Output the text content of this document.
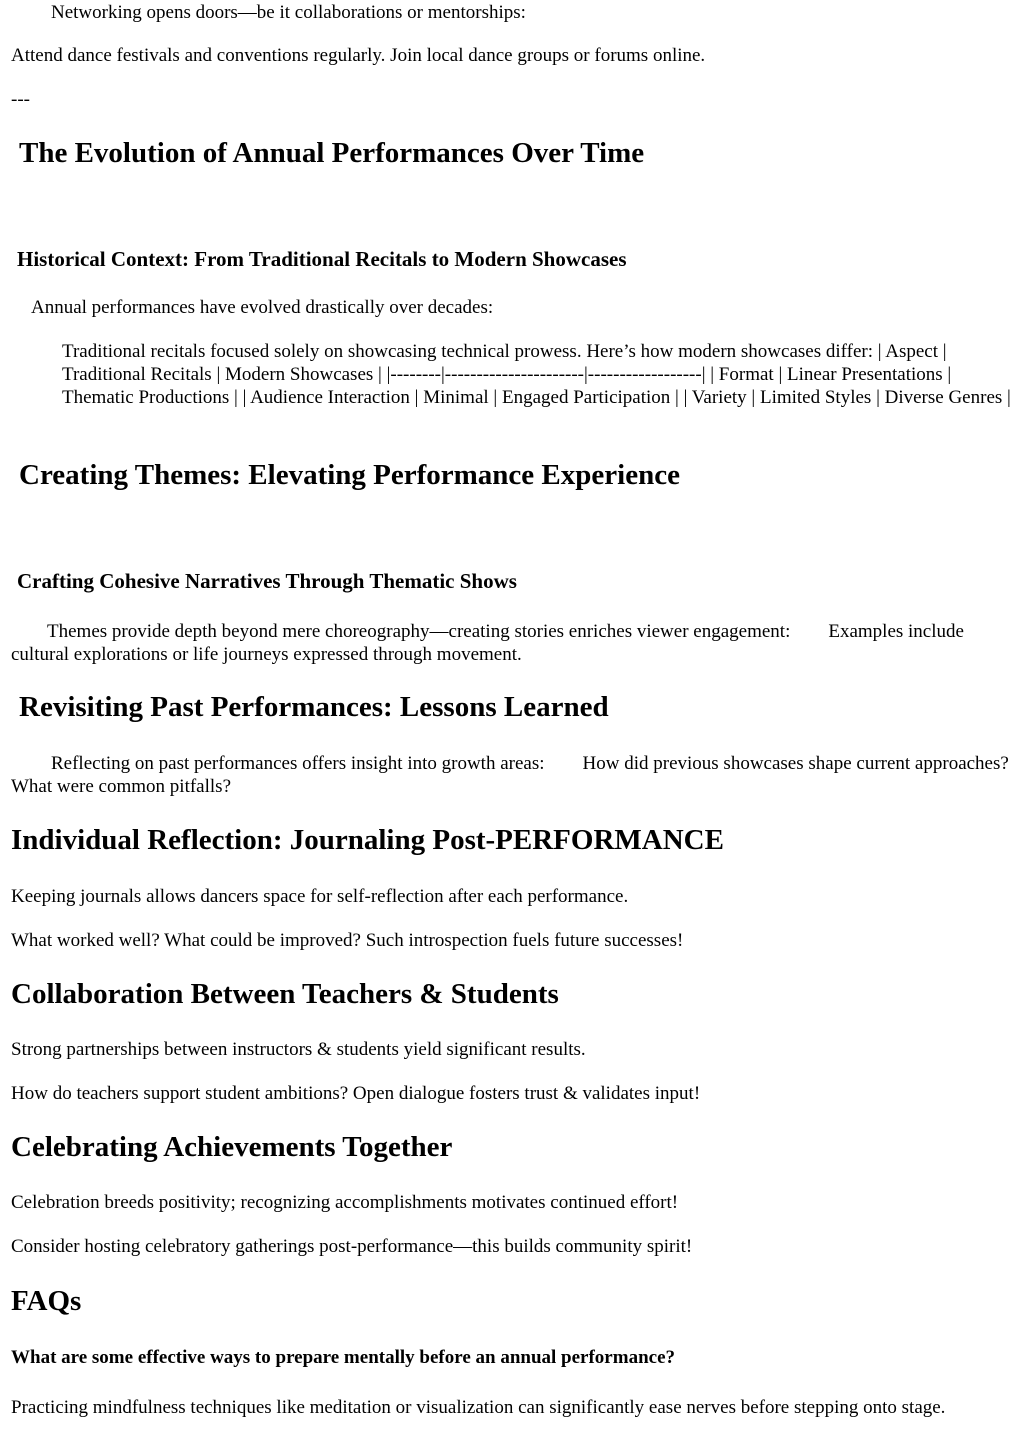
Networking opens doors—be it collaborations or mentorships:

Attend dance festivals and conventions regularly. Join local dance groups or forums online.

---

The Evolution of Annual Performances Over Time
Historical Context: From Traditional Recitals to Modern Showcases

Annual performances have evolved drastically over decades:

Traditional recitals focused solely on showcasing technical prowess. Here’s how modern showcases differ: | Aspect | Traditional Recitals | Modern Showcases | |--------|----------------------|------------------| | Format | Linear Presentations | Thematic Productions | | Audience Interaction | Minimal | Engaged Participation | | Variety | Limited Styles | Diverse Genres |

Creating Themes: Elevating Performance Experience
Crafting Cohesive Narratives Through Thematic Shows

Themes provide depth beyond mere choreography—creating stories enriches viewer engagement: Examples include cultural explorations or life journeys expressed through movement.

Revisiting Past Performances: Lessons Learned

Reflecting on past performances offers insight into growth areas: How did previous showcases shape current approaches? What were common pitfalls?

Individual Reflection: Journaling Post-PERFORMANCE

Keeping journals allows dancers space for self-reflection after each performance.

What worked well? What could be improved? Such introspection fuels future successes!

Collaboration Between Teachers & Students

Strong partnerships between instructors & students yield significant results.

How do teachers support student ambitions? Open dialogue fosters trust & validates input!

Celebrating Achievements Together

Celebration breeds positivity; recognizing accomplishments motivates continued effort!

Consider hosting celebratory gatherings post-performance—this builds community spirit!

FAQs

What are some effective ways to prepare mentally before an annual performance?

Practicing mindfulness techniques like meditation or visualization can significantly ease nerves before stepping onto stage.
